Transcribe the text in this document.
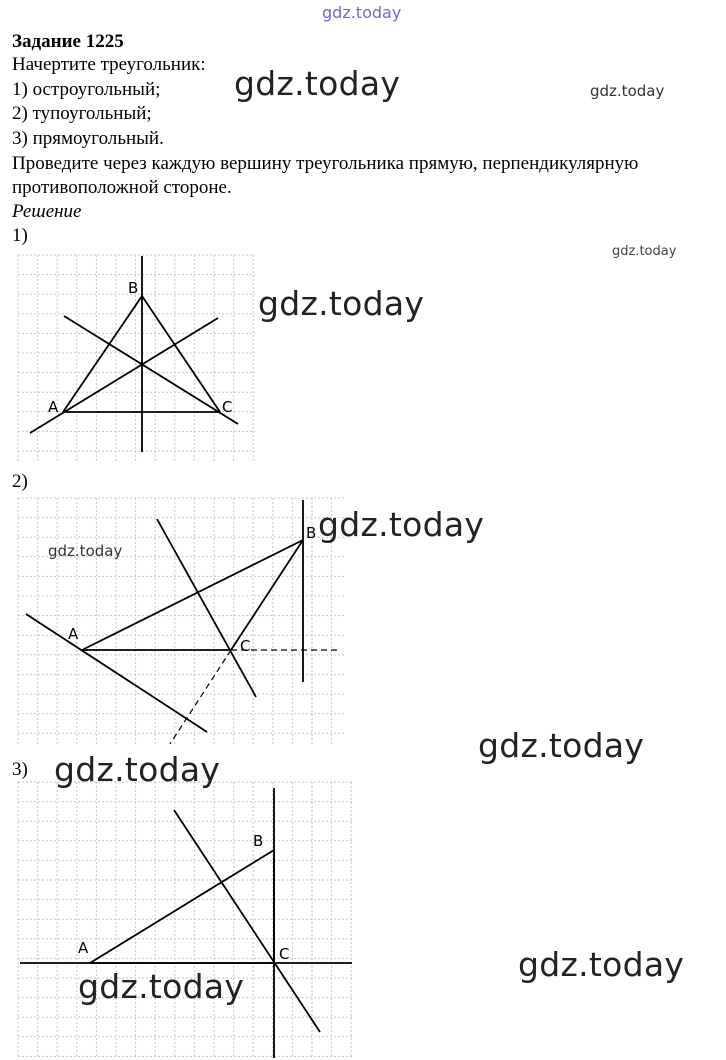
gdz.today
Задание 1225
Начертите треугольник:
1) остроугольный;
2) тупоугольный;
3) прямоугольный.
Проведите через каждую вершину треугольника прямую, перпендикулярную
противоположной стороне.
Решение
1)
2)
3)
A
B
C
A
B
C
A
B
C
gdz.today	gdz.today
gdz.today
gdz.today
gdz.today
gdz.today
gdz.today
gdz.today
gdz.today
gdz.today
